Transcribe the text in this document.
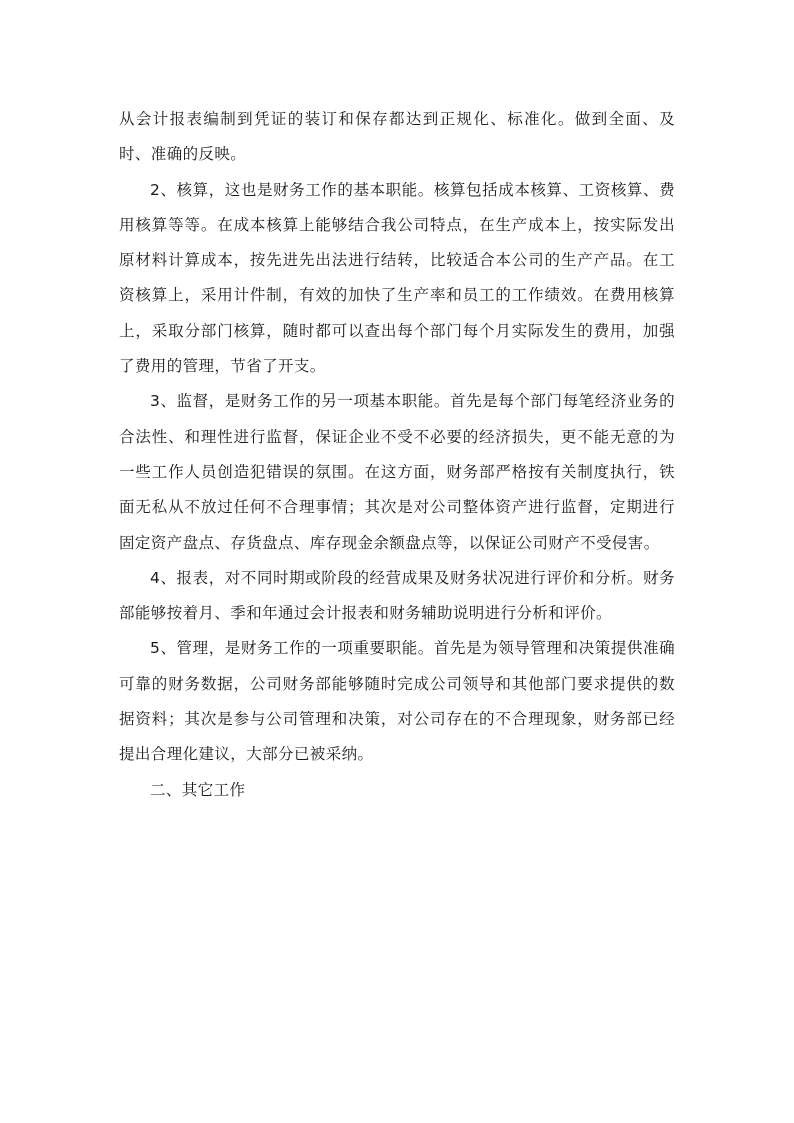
从会计报表编制到凭证的装订和保存都达到正规化、标准化。做到全面、及时、准确的反映。

2、核算，这也是财务工作的基本职能。核算包括成本核算、工资核算、费用核算等等。在成本核算上能够结合我公司特点，在生产成本上，按实际发出原材料计算成本，按先进先出法进行结转，比较适合本公司的生产产品。在工资核算上，采用计件制，有效的加快了生产率和员工的工作绩效。在费用核算上，采取分部门核算，随时都可以查出每个部门每个月实际发生的费用，加强了费用的管理，节省了开支。

3、监督，是财务工作的另一项基本职能。首先是每个部门每笔经济业务的合法性、和理性进行监督，保证企业不受不必要的经济损失，更不能无意的为一些工作人员创造犯错误的氛围。在这方面，财务部严格按有关制度执行，铁面无私从不放过任何不合理事情；其次是对公司整体资产进行监督，定期进行固定资产盘点、存货盘点、库存现金余额盘点等，以保证公司财产不受侵害。

4、报表，对不同时期或阶段的经营成果及财务状况进行评价和分析。财务部能够按着月、季和年通过会计报表和财务辅助说明进行分析和评价。

5、管理，是财务工作的一项重要职能。首先是为领导管理和决策提供准确可靠的财务数据，公司财务部能够随时完成公司领导和其他部门要求提供的数据资料；其次是参与公司管理和决策，对公司存在的不合理现象，财务部已经提出合理化建议，大部分已被采纳。

二、其它工作
